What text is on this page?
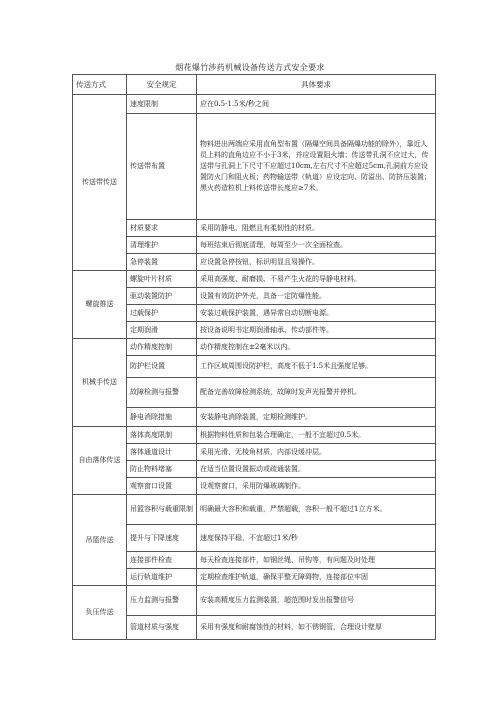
烟花爆竹涉药机械设备传送方式安全要求
传送方式	安全规定	具体要求
传送带传送	速度限制	应在0.5-1.5米/秒之间
	传送带布置	物料进出两端应采用直角型布置（隔爆空间具备隔爆功能的除外），靠近人员上料的直角边应不小于3米，并应设置阻火墙；传送带孔洞不应过大，传送带与孔洞上下尺寸不应超过10cm,左右尺寸不应超过5cm,孔洞前方应设置防火门和阻火板；药物输送带（轨道）应设定向、防溢出、防挤压装置；黑火药造粒机上料传送带长度应≥7米。
	材质要求	采用防静电、阻燃且有柔韧性的材质。
	清理维护	每班结束后彻底清理，每周至少一次全面检查。
	急停装置	应设置急停按钮，标识明显且易操作。
螺旋推送	螺旋叶片材质	采用高强度、耐磨损、不易产生火花的导静电材料。
	驱动装置防护	设置有效防护外壳，具备一定防爆性能。
	过载保护	安装过载保护装置，遇异常自动切断电源。
	定期润滑	按设备说明书定期润滑轴承、传动部件等。
机械手传送	动作精度控制	动作精度控制在±2毫米以内。
	防护栏设置	工作区域周围设防护栏，高度不低于1.5米且强度足够。
	故障检测与报警	配备完善故障检测系统，故障时发声光报警并停机。
	静电消除措施	安装静电消除装置，定期检测维护。
自由落体传送	落体高度限制	根据物料性质和包装合理确定，一般不宜超过0.5米。
	落体通道设计	采用光滑、无棱角材质，内部设缓冲层。
	防止物料堵塞	在适当位置设置振动或疏通装置。
	观察窗口设置	设观察窗口，采用防爆玻璃制作。
吊篮传送	吊篮容积与载重限制	明确最大容积和载重，严禁超载，容积一般不超过1立方米。
	提升与下降速度	速度保持平稳，不宜超过1米/秒
	连接部件检查	每天检查连接部件，如钢丝绳、吊钩等，有问题及时处理
	运行轨道维护	定期检查维护轨道，确保平整无障碍物，连接部位牢固
负压传送	压力监测与报警	安装高精度压力监测装置，超范围时发出报警信号
	管道材质与强度	采用有强度和耐腐蚀性的材料，如不锈钢管，合理设计壁厚
